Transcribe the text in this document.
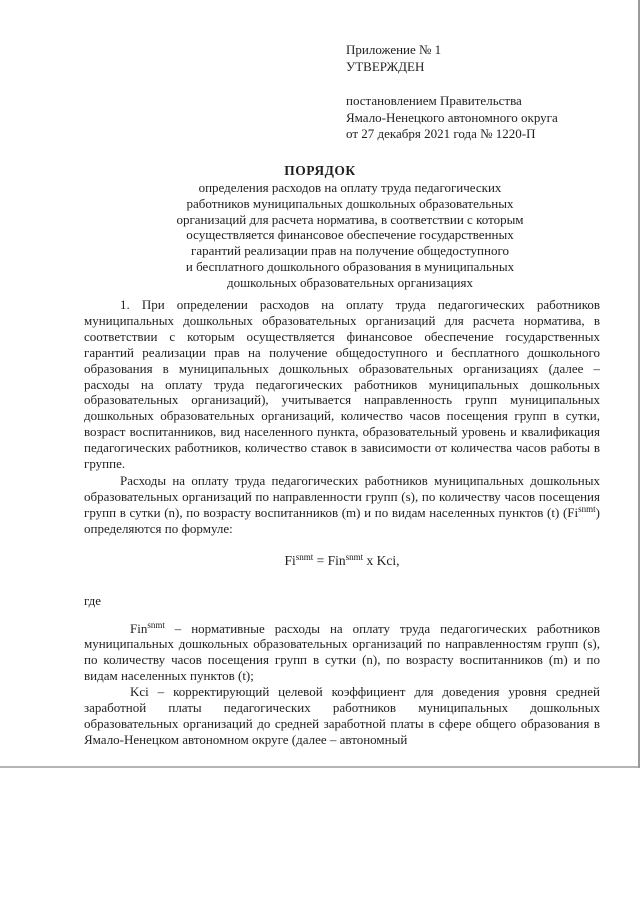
Приложение № 1
УТВЕРЖДЕН
постановлением Правительства
Ямало-Ненецкого автономного округа
от 27 декабря 2021 года № 1220-П
ПОРЯДОК
определения расходов на оплату труда педагогических
работников муниципальных дошкольных образовательных
организаций для расчета норматива, в соответствии с которым
осуществляется финансовое обеспечение государственных
гарантий реализации прав на получение общедоступного
и бесплатного дошкольного образования в муниципальных
дошкольных образовательных организациях

1. При определении расходов на оплату труда педагогических работников муниципальных дошкольных образовательных организаций для расчета норматива, в соответствии с которым осуществляется финансовое обеспечение государственных гарантий реализации прав на получение общедоступного и бесплатного дошкольного образования в муниципальных дошкольных образовательных организациях (далее – расходы на оплату труда педагогических работников муниципальных дошкольных образовательных организаций), учитывается направленность групп муниципальных дошкольных образовательных организаций, количество часов посещения групп в сутки, возраст воспитанников, вид населенного пункта, образовательный уровень и квалификация педагогических работников, количество ставок в зависимости от количества часов работы в группе.

Расходы на оплату труда педагогических работников муниципальных дошкольных образовательных организаций по направленности групп (s), по количеству часов посещения групп в сутки (n), по возрасту воспитанников (m) и по видам населенных пунктов (t) $(Fi^{snmt})$ определяются по формуле:

$Fi^{snmt} = Fin^{snmt}$ x Kci,

где

Fin$^{snmt}$ – нормативные расходы на оплату труда педагогических работников муниципальных дошкольных образовательных организаций по направленностям групп (s), по количеству часов посещения групп в сутки (n), по возрасту воспитанников (m) и по видам населенных пунктов (t);

Kci – корректирующий целевой коэффициент для доведения уровня средней заработной платы педагогических работников муниципальных дошкольных образовательных организаций до средней заработной платы в сфере общего образования в Ямало-Ненецком автономном округе (далее – автономный
